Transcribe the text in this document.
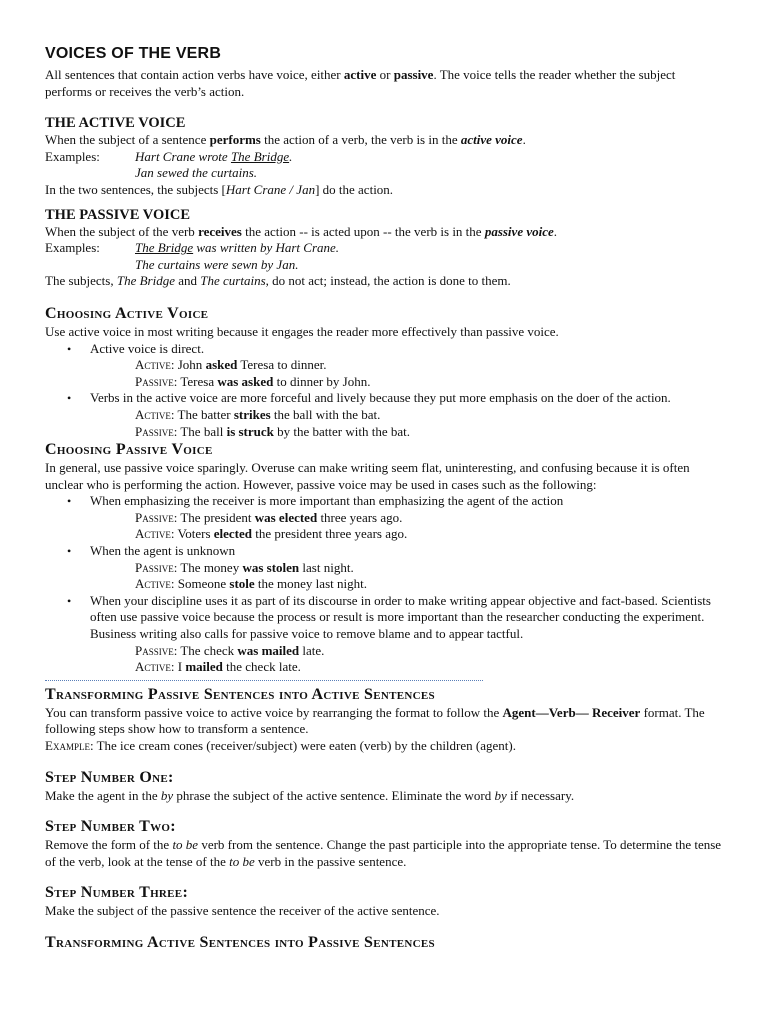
VOICES OF THE VERB

All sentences that contain action verbs have voice, either active or passive. The voice tells the reader whether the subject performs or receives the verb’s action.

THE ACTIVE VOICE

When the subject of a sentence performs the action of a verb, the verb is in the active voice.

Examples:	Hart Crane wrote The Bridge.
Jan sewed the curtains.

In the two sentences, the subjects [Hart Crane / Jan] do the action.

THE PASSIVE VOICE

When the subject of the verb receives the action -- is acted upon -- the verb is in the passive voice.

Examples:	The Bridge was written by Hart Crane.
The curtains were sewn by Jan.

The subjects, The Bridge and The curtains, do not act; instead, the action is done to them.

Choosing Active Voice

Use active voice in most writing because it engages the reader more effectively than passive voice.

• Active voice is direct.
Active: John asked Teresa to dinner.
Passive: Teresa was asked to dinner by John.
• Verbs in the active voice are more forceful and lively because they put more emphasis on the doer of the action.
Active: The batter strikes the ball with the bat.
Passive: The ball is struck by the batter with the bat.
Choosing Passive Voice

In general, use passive voice sparingly. Overuse can make writing seem flat, uninteresting, and confusing because it is often unclear who is performing the action. However, passive voice may be used in cases such as the following:

• When emphasizing the receiver is more important than emphasizing the agent of the action
Passive: The president was elected three years ago.
Active: Voters elected the president three years ago.
• When the agent is unknown
Passive: The money was stolen last night.
Active: Someone stole the money last night.
• When your discipline uses it as part of its discourse in order to make writing appear objective and fact-based. Scientists often use passive voice because the process or result is more important than the researcher conducting the experiment. Business writing also calls for passive voice to remove blame and to appear tactful.
Passive: The check was mailed late.
Active: I mailed the check late.
Transforming Passive Sentences into Active Sentences

You can transform passive voice to active voice by rearranging the format to follow the Agent—Verb— Receiver format. The following steps show how to transform a sentence.

Example: The ice cream cones (receiver/subject) were eaten (verb) by the children (agent).

Step Number One:

Make the agent in the by phrase the subject of the active sentence. Eliminate the word by if necessary.

Step Number Two:

Remove the form of the to be verb from the sentence. Change the past participle into the appropriate tense. To determine the tense of the verb, look at the tense of the to be verb in the passive sentence.

Step Number Three:

Make the subject of the passive sentence the receiver of the active sentence.

Transforming Active Sentences into Passive Sentences
